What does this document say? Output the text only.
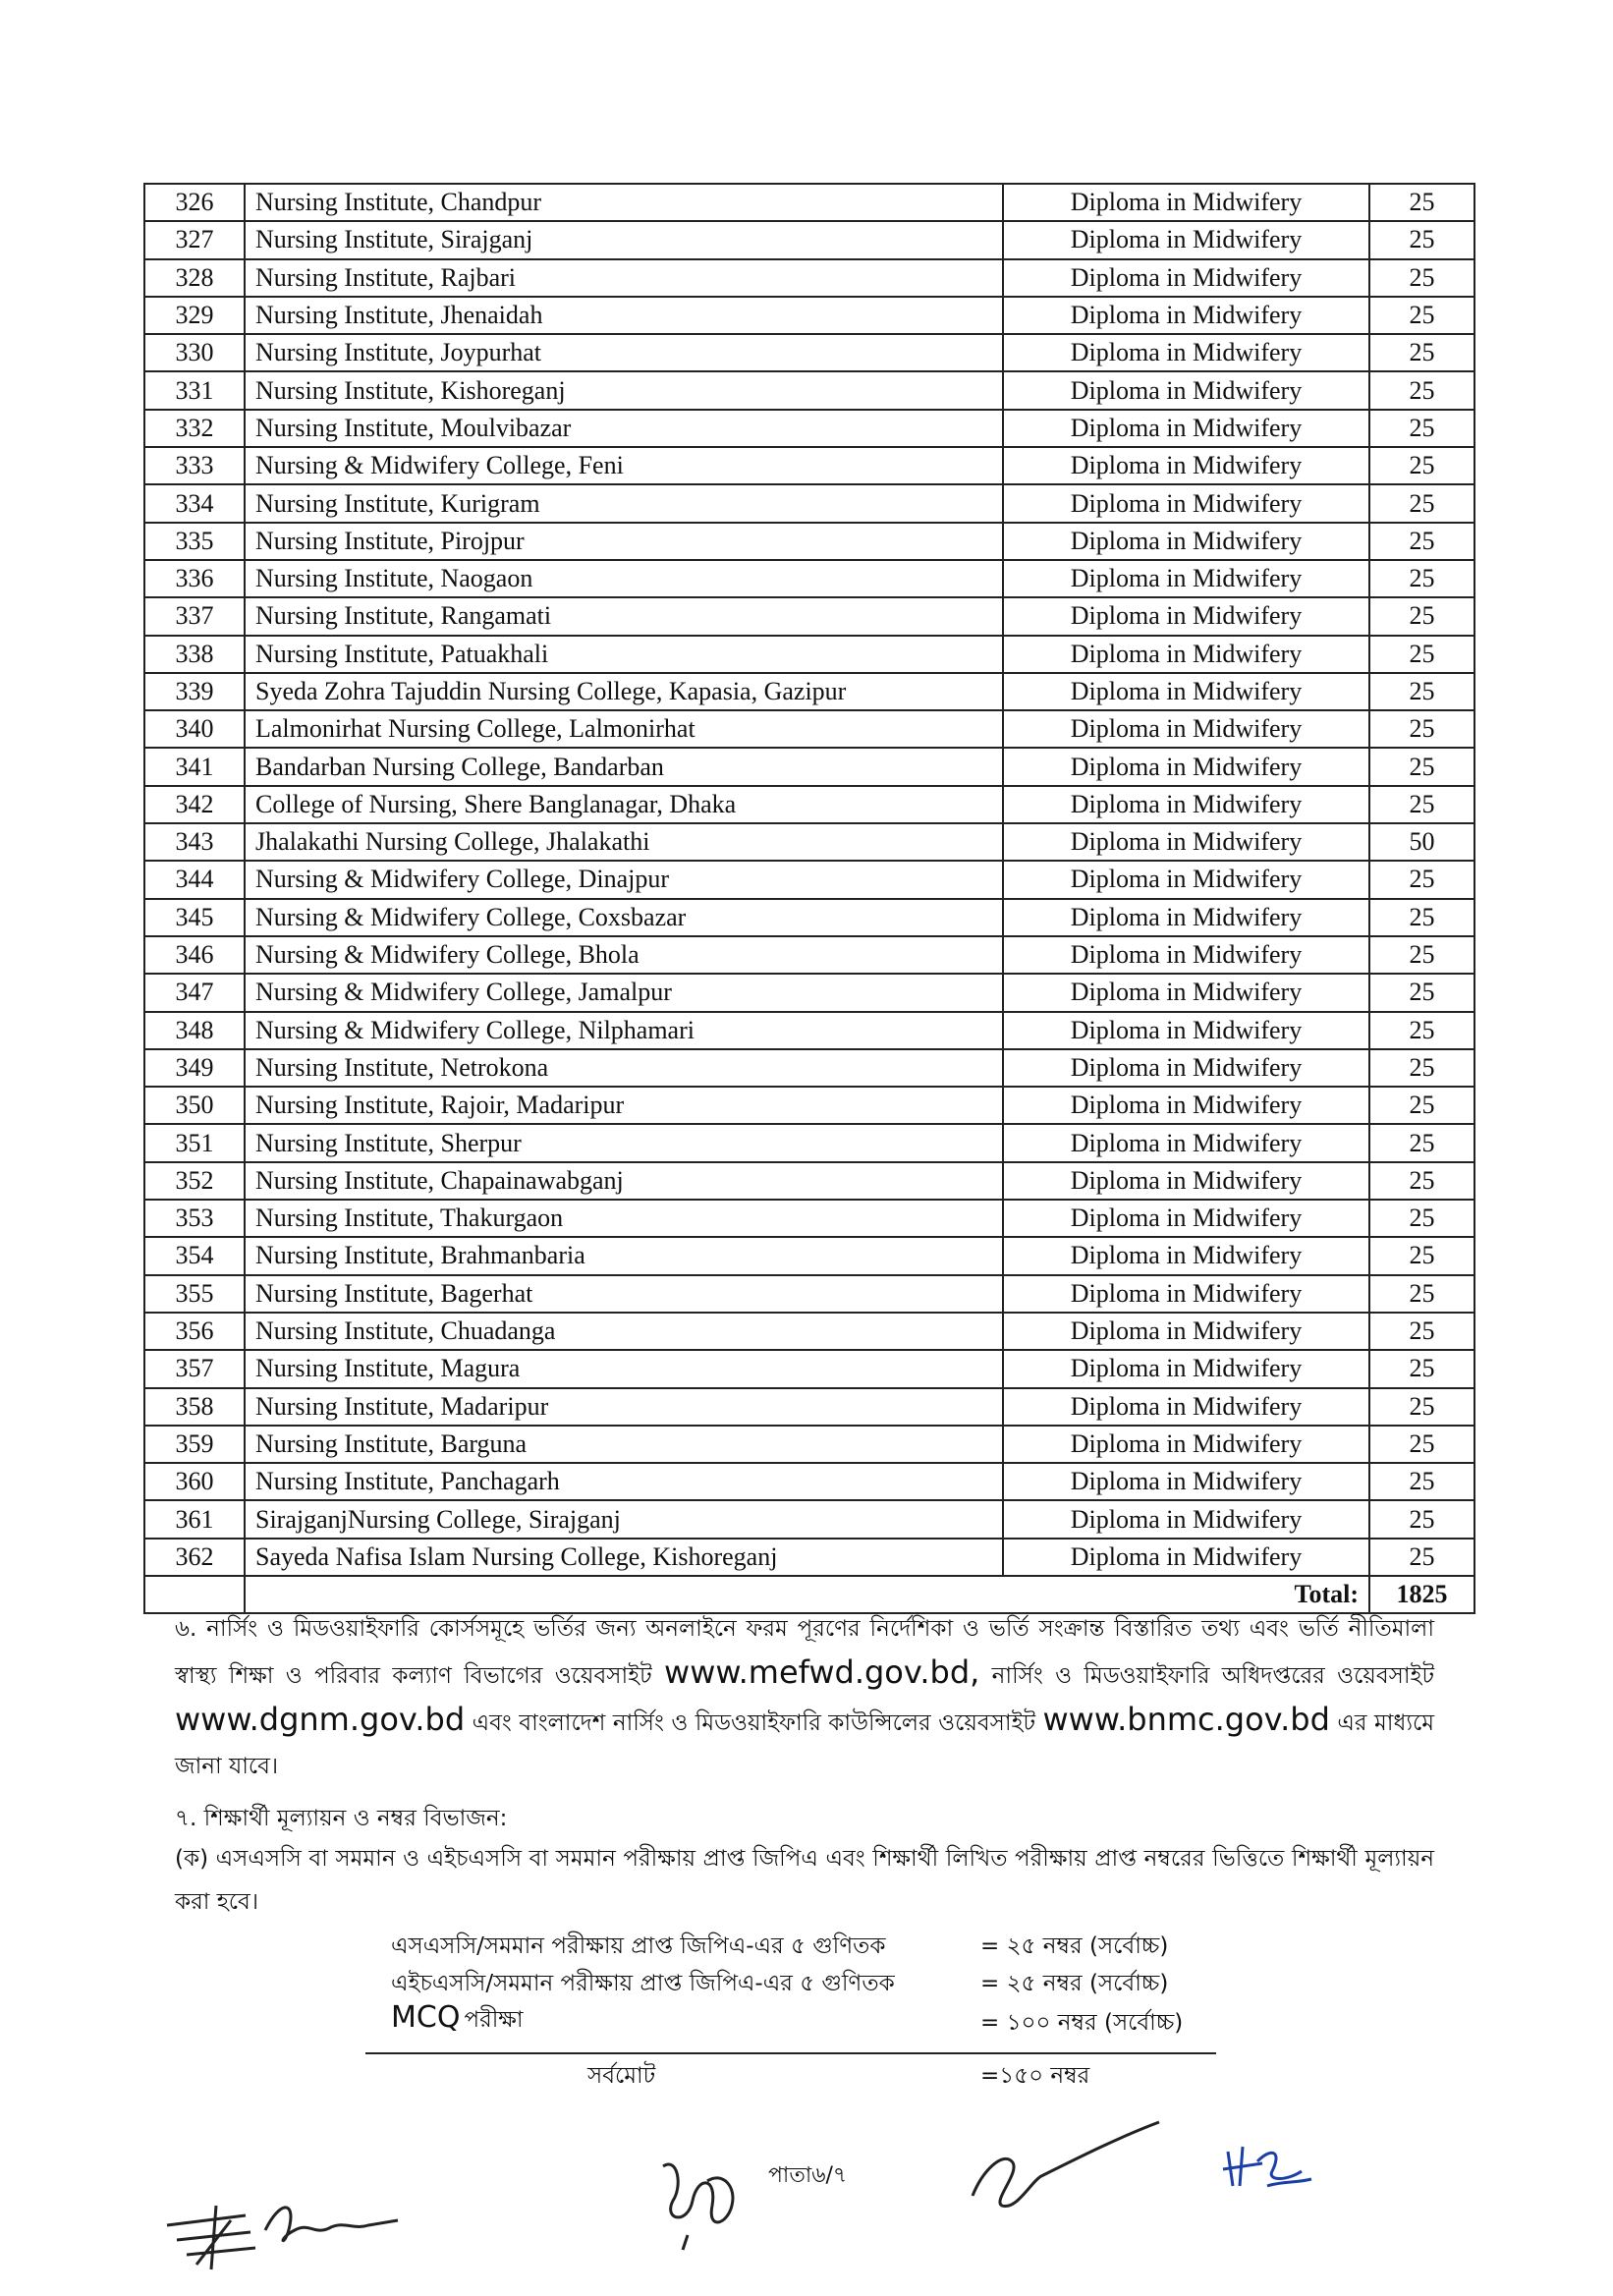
326	Nursing Institute, Chandpur	Diploma in Midwifery	25
327	Nursing Institute, Sirajganj	Diploma in Midwifery	25
328	Nursing Institute, Rajbari	Diploma in Midwifery	25
329	Nursing Institute, Jhenaidah	Diploma in Midwifery	25
330	Nursing Institute, Joypurhat	Diploma in Midwifery	25
331	Nursing Institute, Kishoreganj	Diploma in Midwifery	25
332	Nursing Institute, Moulvibazar	Diploma in Midwifery	25
333	Nursing & Midwifery College, Feni	Diploma in Midwifery	25
334	Nursing Institute, Kurigram	Diploma in Midwifery	25
335	Nursing Institute, Pirojpur	Diploma in Midwifery	25
336	Nursing Institute, Naogaon	Diploma in Midwifery	25
337	Nursing Institute, Rangamati	Diploma in Midwifery	25
338	Nursing Institute, Patuakhali	Diploma in Midwifery	25
339	Syeda Zohra Tajuddin Nursing College, Kapasia, Gazipur	Diploma in Midwifery	25
340	Lalmonirhat Nursing College, Lalmonirhat	Diploma in Midwifery	25
341	Bandarban Nursing College, Bandarban	Diploma in Midwifery	25
342	College of Nursing, Shere Banglanagar, Dhaka	Diploma in Midwifery	25
343	Jhalakathi Nursing College, Jhalakathi	Diploma in Midwifery	50
344	Nursing & Midwifery College, Dinajpur	Diploma in Midwifery	25
345	Nursing & Midwifery College, Coxsbazar	Diploma in Midwifery	25
346	Nursing & Midwifery College, Bhola	Diploma in Midwifery	25
347	Nursing & Midwifery College, Jamalpur	Diploma in Midwifery	25
348	Nursing & Midwifery College, Nilphamari	Diploma in Midwifery	25
349	Nursing Institute, Netrokona	Diploma in Midwifery	25
350	Nursing Institute, Rajoir, Madaripur	Diploma in Midwifery	25
351	Nursing Institute, Sherpur	Diploma in Midwifery	25
352	Nursing Institute, Chapainawabganj	Diploma in Midwifery	25
353	Nursing Institute, Thakurgaon	Diploma in Midwifery	25
354	Nursing Institute, Brahmanbaria	Diploma in Midwifery	25
355	Nursing Institute, Bagerhat	Diploma in Midwifery	25
356	Nursing Institute, Chuadanga	Diploma in Midwifery	25
357	Nursing Institute, Magura	Diploma in Midwifery	25
358	Nursing Institute, Madaripur	Diploma in Midwifery	25
359	Nursing Institute, Barguna	Diploma in Midwifery	25
360	Nursing Institute, Panchagarh	Diploma in Midwifery	25
361	SirajganjNursing College, Sirajganj	Diploma in Midwifery	25
362	Sayeda Nafisa Islam Nursing College, Kishoreganj	Diploma in Midwifery	25
	Total:		1825
৬. নার্সিং ও মিডওয়াইফারি কোর্সসমূহে ভর্তির জন্য অনলাইনে ফরম পূরণের নির্দেশিকা ও ভর্তি সংক্রান্ত বিস্তারিত তথ্য এবং ভর্তি নীতিমালা স্বাস্থ্য শিক্ষা ও পরিবার কল্যাণ বিভাগের ওয়েবসাইট www.mefwd.gov.bd, নার্সিং ও মিডওয়াইফারি অধিদপ্তরের ওয়েবসাইট www.dgnm.gov.bd এবং বাংলাদেশ নার্সিং ও মিডওয়াইফারি কাউন্সিলের ওয়েবসাইট www.bnmc.gov.bd এর মাধ্যমে জানা যাবে।
৭. শিক্ষার্থী মূল্যায়ন ও নম্বর বিভাজন:
(ক) এসএসসি বা সমমান ও এইচএসসি বা সমমান পরীক্ষায় প্রাপ্ত জিপিএ এবং শিক্ষার্থী লিখিত পরীক্ষায় প্রাপ্ত নম্বরের ভিত্তিতে শিক্ষার্থী মূল্যায়ন করা হবে।
এসএসসি/সমমান পরীক্ষায় প্রাপ্ত জিপিএ-এর ৫ গুণিতক	= ২৫ নম্বর (সর্বোচ্চ)
এইচএসসি/সমমান পরীক্ষায় প্রাপ্ত জিপিএ-এর ৫ গুণিতক	= ২৫ নম্বর (সর্বোচ্চ)
MCQ পরীক্ষা	= ১০০ নম্বর (সর্বোচ্চ)
সর্বমোট	=১৫০ নম্বর
পাতা৬/৭
